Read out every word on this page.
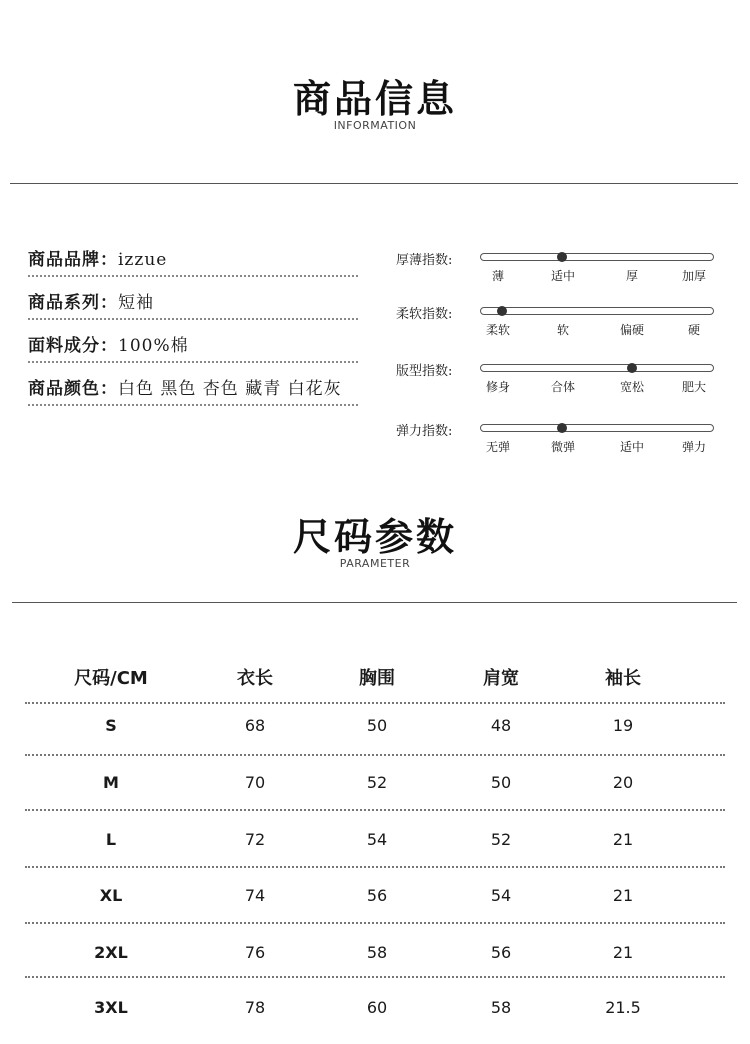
商品信息
INFORMATION
商品品牌：izzue
商品系列：短袖
面料成分：100%棉
商品颜色：白色 黑色 杏色 藏青 白花灰
厚薄指数:
薄	适中	厚	加厚
柔软指数:
柔软	软	偏硬	硬
版型指数:
修身	合体	宽松	肥大
弹力指数:
无弹	微弹	适中	弹力
尺码参数
PARAMETER
尺码/CM	衣长	胸围	肩宽	袖长
S	68	50	48	19
M	70	52	50	20
L	72	54	52	21
XL	74	56	54	21
2XL	76	58	56	21
3XL	78	60	58	21.5
